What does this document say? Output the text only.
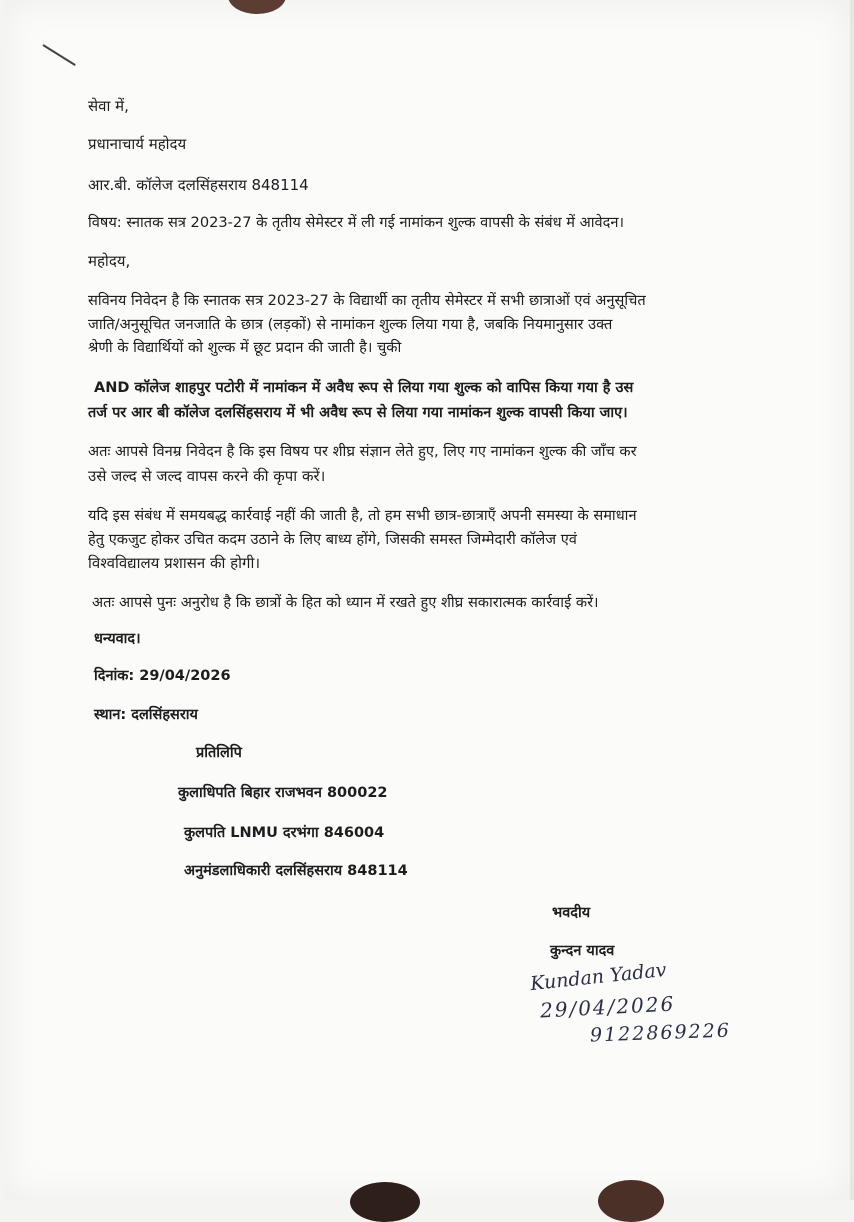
सेवा में,
प्रधानाचार्य महोदय
आर.बी. कॉलेज दलसिंहसराय 848114
विषय: स्नातक सत्र 2023-27 के तृतीय सेमेस्टर में ली गई नामांकन शुल्क वापसी के संबंध में आवेदन।
महोदय,
सविनय निवेदन है कि स्नातक सत्र 2023-27 के विद्यार्थी का तृतीय सेमेस्टर में सभी छात्राओं एवं अनुसूचित
जाति/अनुसूचित जनजाति के छात्र (लड़कों) से नामांकन शुल्क लिया गया है, जबकि नियमानुसार उक्त
श्रेणी के विद्यार्थियों को शुल्क में छूट प्रदान की जाती है। चुकी
AND कॉलेज शाहपुर पटोरी में नामांकन में अवैध रूप से लिया गया शुल्क को वापिस किया गया है उस
तर्ज पर आर बी कॉलेज दलसिंहसराय में भी अवैध रूप से लिया गया नामांकन शुल्क वापसी किया जाए।
अतः आपसे विनम्र निवेदन है कि इस विषय पर शीघ्र संज्ञान लेते हुए, लिए गए नामांकन शुल्क की जाँच कर
उसे जल्द से जल्द वापस करने की कृपा करें।
यदि इस संबंध में समयबद्ध कार्रवाई नहीं की जाती है, तो हम सभी छात्र-छात्राएँ अपनी समस्या के समाधान
हेतु एकजुट होकर उचित कदम उठाने के लिए बाध्य होंगे, जिसकी समस्त जिम्मेदारी कॉलेज एवं
विश्वविद्यालय प्रशासन की होगी।
अतः आपसे पुनः अनुरोध है कि छात्रों के हित को ध्यान में रखते हुए शीघ्र सकारात्मक कार्रवाई करें।
धन्यवाद।
दिनांक: 29/04/2026
स्थान: दलसिंहसराय
प्रतिलिपि
कुलाधिपति बिहार राजभवन 800022
कुलपति LNMU दरभंगा 846004
अनुमंडलाधिकारी दलसिंहसराय 848114
भवदीय
कुन्दन यादव
Kundan Yadav
29/04/2026
9122869226
